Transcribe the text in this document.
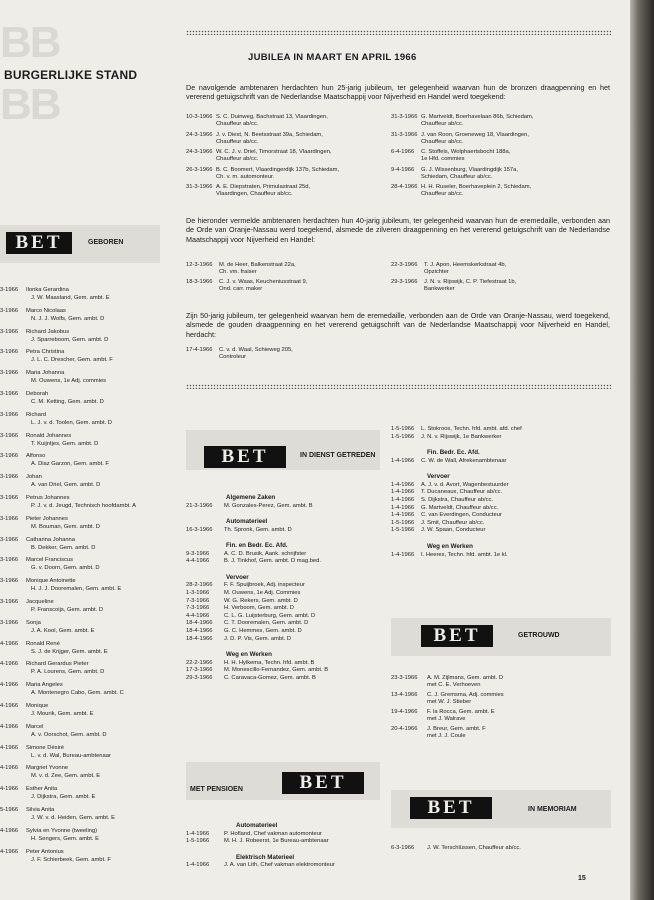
BB
BB
BURGERLIJKE STAND
BET	GEBOREN
3-1966 Ilonka Gerardina
J. W. Maasland, Gem. ambt. E
3-1966 Marco Nicolaas
N. J. J. Wolfs, Gem. ambt. D
3-1966 Richard Jakobus
J. Sparreboom, Gem. ambt. D
3-1966 Petra Christina
J. L. C. Drescher, Gem. ambt. F
3-1966 Maria Johanna
M. Ouwens, 1e Adj. commies
3-1966 Deborah
C. M. Ketting, Gem. ambt. D
3-1966 Richard
L. J. v. d. Toolen, Gem. ambt. D
3-1966 Ronald Johannes
T. Kuijntjes, Gem. ambt. D
3-1966 Alfonso
A. Diaz Garzon, Gem. ambt. F
3-1966 Johan
A. van Driel, Gem. ambt. D
3-1966 Petrus Johannes
P. J. v. d. Jeugd, Technisch hoofdambt. A
3-1966 Pieter Johannes
M. Bouman, Gem. ambt. D
3-1966 Catharina Johanna
B. Dekker, Gem. ambt. D
3-1966 Marcel Franciscus
G. v. Doorn, Gem. ambt. D
3-1966 Monique Antoinette
H. J. J. Dooremalen, Gem. ambt. E
3-1966 Jacqueline
P. Franscoijs, Gem. ambt. D
3-1966 Sonja
J. A. Kool, Gem. ambt. E
4-1966 Ronald René
S. J. de Krijger, Gem. ambt. E
4-1966 Richard Gerardus Pieter
P. A. Lourens, Gem. ambt. D
4-1966 Maria Angeles
A. Montenegro Cabo, Gem. ambt. C
4-1966 Monique
J. Mourik, Gem. ambt. E
4-1966 Marcel
A. v. Oorschot, Gem. ambt. D
4-1966 Simone Désiré
L. v. d. Wal, Bureau-ambtenaar
4-1966 Margriet Yvonne
M. v. d. Zee, Gem. ambt. E
4-1966 Esther Anita
J. Dijkstra, Gem. ambt. E
5-1966 Silvia Anita
J. W. v. d. Heiden, Gem. ambt. E
4-1966 Sylvia en Yvonne (tweeling)
H. Sengers, Gem. ambt. E
4-1966 Peter Antonius
J. F. Schierbeek, Gem. ambt. F
JUBILEA IN MAART EN APRIL 1966
De navolgende ambtenaren herdachten hun 25-jarig jubileum, ter gelegenheid waarvan hun de bronzen draagpenning en het vererend getuigschrift van de Nederlandse Maatschappij voor Nijverheid en Handel werd toegekend:
10-3-1966 S. C. Duinweg, Bachstraat 13, Vlaardingen,
Chauffeur ab/cc.
24-3-1966 J. v. Diest, N. Beetsstraat 39a, Schiedam,
Chauffeur ab/cc.
24-3-1966 W. C. J. v. Driel, Timorstraat 18, Vlaardingen,
Chauffeur ab/cc.
26-3-1966 B. C. Boomert, Vlaardingerdijk 137b, Schiedam,
Ch. v. m. automonteur.
31-3-1966 A. E. Diepstraten, Primulastraat 25d,
Vlaardingen, Chauffeur ab/cc.
31-3-1966 G. Martveldt, Boerhavelaan 86b, Schiedam,
Chauffeur ab/cc.
31-3-1966 J. van Roon, Groeneweg 18, Vlaardingen,
Chauffeur ab/cc.
6-4-1966 C. Stoffels, Wolphaertsbocht 188a,
1e Hfd. commies
9-4-1966 G. J. Wissenburg, Vlaardingdijk 157a,
Schiedam, Chauffeur ab/cc.
28-4-1966 H. H. Ruseler, Boerhaveplein 2, Schiedam,
Chauffeur ab/cc.
De hieronder vermelde ambtenaren herdachten hun 40-jarig jubileum, ter gelegenheid waarvan hun de eremedaille, verbonden aan de Orde van Oranje-Nassau werd toegekend, alsmede de zilveren draagpenning en het vererend getuigschrift van de Nederlandse Maatschappij voor Nijverheid en Handel:
12-3-1966 M. de Heer, Balkenstraat 22a,
Ch. vm. fraiser
18-3-1966 C. J. v. Waas, Keucheniusstraat 9,
Ond. carr. maker
22-3-1966 T. J. Apon, Heemskerkstraat 4b,
Opzichter
29-3-1966 J. N. v. Rijswijk, C. P. Tiefestraat 1b,
Bankwerker
Zijn 50-jarig jubileum, ter gelegenheid waarvan hem de eremedaille, verbonden aan de Orde van Oranje-Nassau, werd toegekend, alsmede de gouden draagpenning en het vererend getuigschrift van de Nederlandse Maatschappij voor Nijverheid en Handel, herdacht:
17-4-1966 C. v. d. Waal, Schieweg 205,
Controleur
BET	IN DIENST GETREDEN
Algemene Zaken
21-3-1966 M. Gonzales-Perez, Gem. ambt. B
Automaterieel
16-3-1966 Th. Spronk, Gem. ambt. D
Fin. en Bedr. Ec. Afd.
9-3-1966	A. C. D. Brusik, Aank. schrijfster
4-4-1966	B. J. Tinkhof, Gem. ambt. D mag.bed.
Vervoer
28-2-1966 F. F. Spuijbroek, Adj. inspecteur
1-3-1966	M. Ouwens, 1e Adj. Commies
7-3-1966	W. G. Rekers, Gem. ambt. D
7-3-1966	H. Verboom, Gem. ambt. D
4-4-1966	C. L. G. Luijsterburg, Gem. ambt. D
18-4-1966 C. T. Dooremalen, Gem. ambt. D
18-4-1966 G. C. Hemmes, Gem. ambt. D
18-4-1966 J. D. P. Vis, Gem. ambt. D
Weg en Werken
22-2-1966 H. H. Hylkema, Techn. hfd. ambt. B
17-3-1966 M. Monescillo-Fernandez, Gem. ambt. B
29-3-1966 C. Caravaca-Gomez, Gem. ambt. B
BET
MET PENSIOEN
Automaterieel
1-4-1966	P. Hofland, Chef vakman automonteur
1-5-1966	M. H. J. Robeerst, 1e Bureau-ambtenaar
Elektrisch Materieel
1-4-1966	J. A. van Lith, Chef vakman elektromonteur
1-5-1966 L. Stokroos, Techn. hfd. ambt. afd. chef
1-5-1966 J. N. v. Rijswijk, 1e Bankwerker
Fin. Bedr. Ec. Afd.
1-4-1966 C. W. de Wall, Afrekenambtenaar
Vervoer
1-4-1966 A. J. v. d. Avort, Wagenbestuurder
1-4-1966 T. Ducaneaux, Chauffeur ab/cc.
1-4-1966 S. Dijkstra, Chauffeur ab/cc.
1-4-1966 G. Martveldt, Chauffeur ab/cc.
1-4-1966 C. van Everdingen, Conducteur
1-5-1966 J. Smit, Chauffeur ab/cc.
1-5-1966 J. W. Spaan, Conducteur
Weg en Werken
1-4-1966 I. Heeres, Techn. hfd. ambt. 1e kl.
BET	GETROUWD
23-3-1966 A. M. Zijlmans, Gem. ambt. D
met C. E. Verhoeven
13-4-1966 C. J. Gremsma, Adj. commies
met W. J. Stieber
19-4-1966 F. la Rocca, Gem. ambt. E
met J. Walrave
20-4-1966 J. Breur, Gem. ambt. F
met J. J. Coule
BET	IN MEMORIAM
6-3-1966 J. W. Terschlüssen, Chauffeur ab/cc.
15
